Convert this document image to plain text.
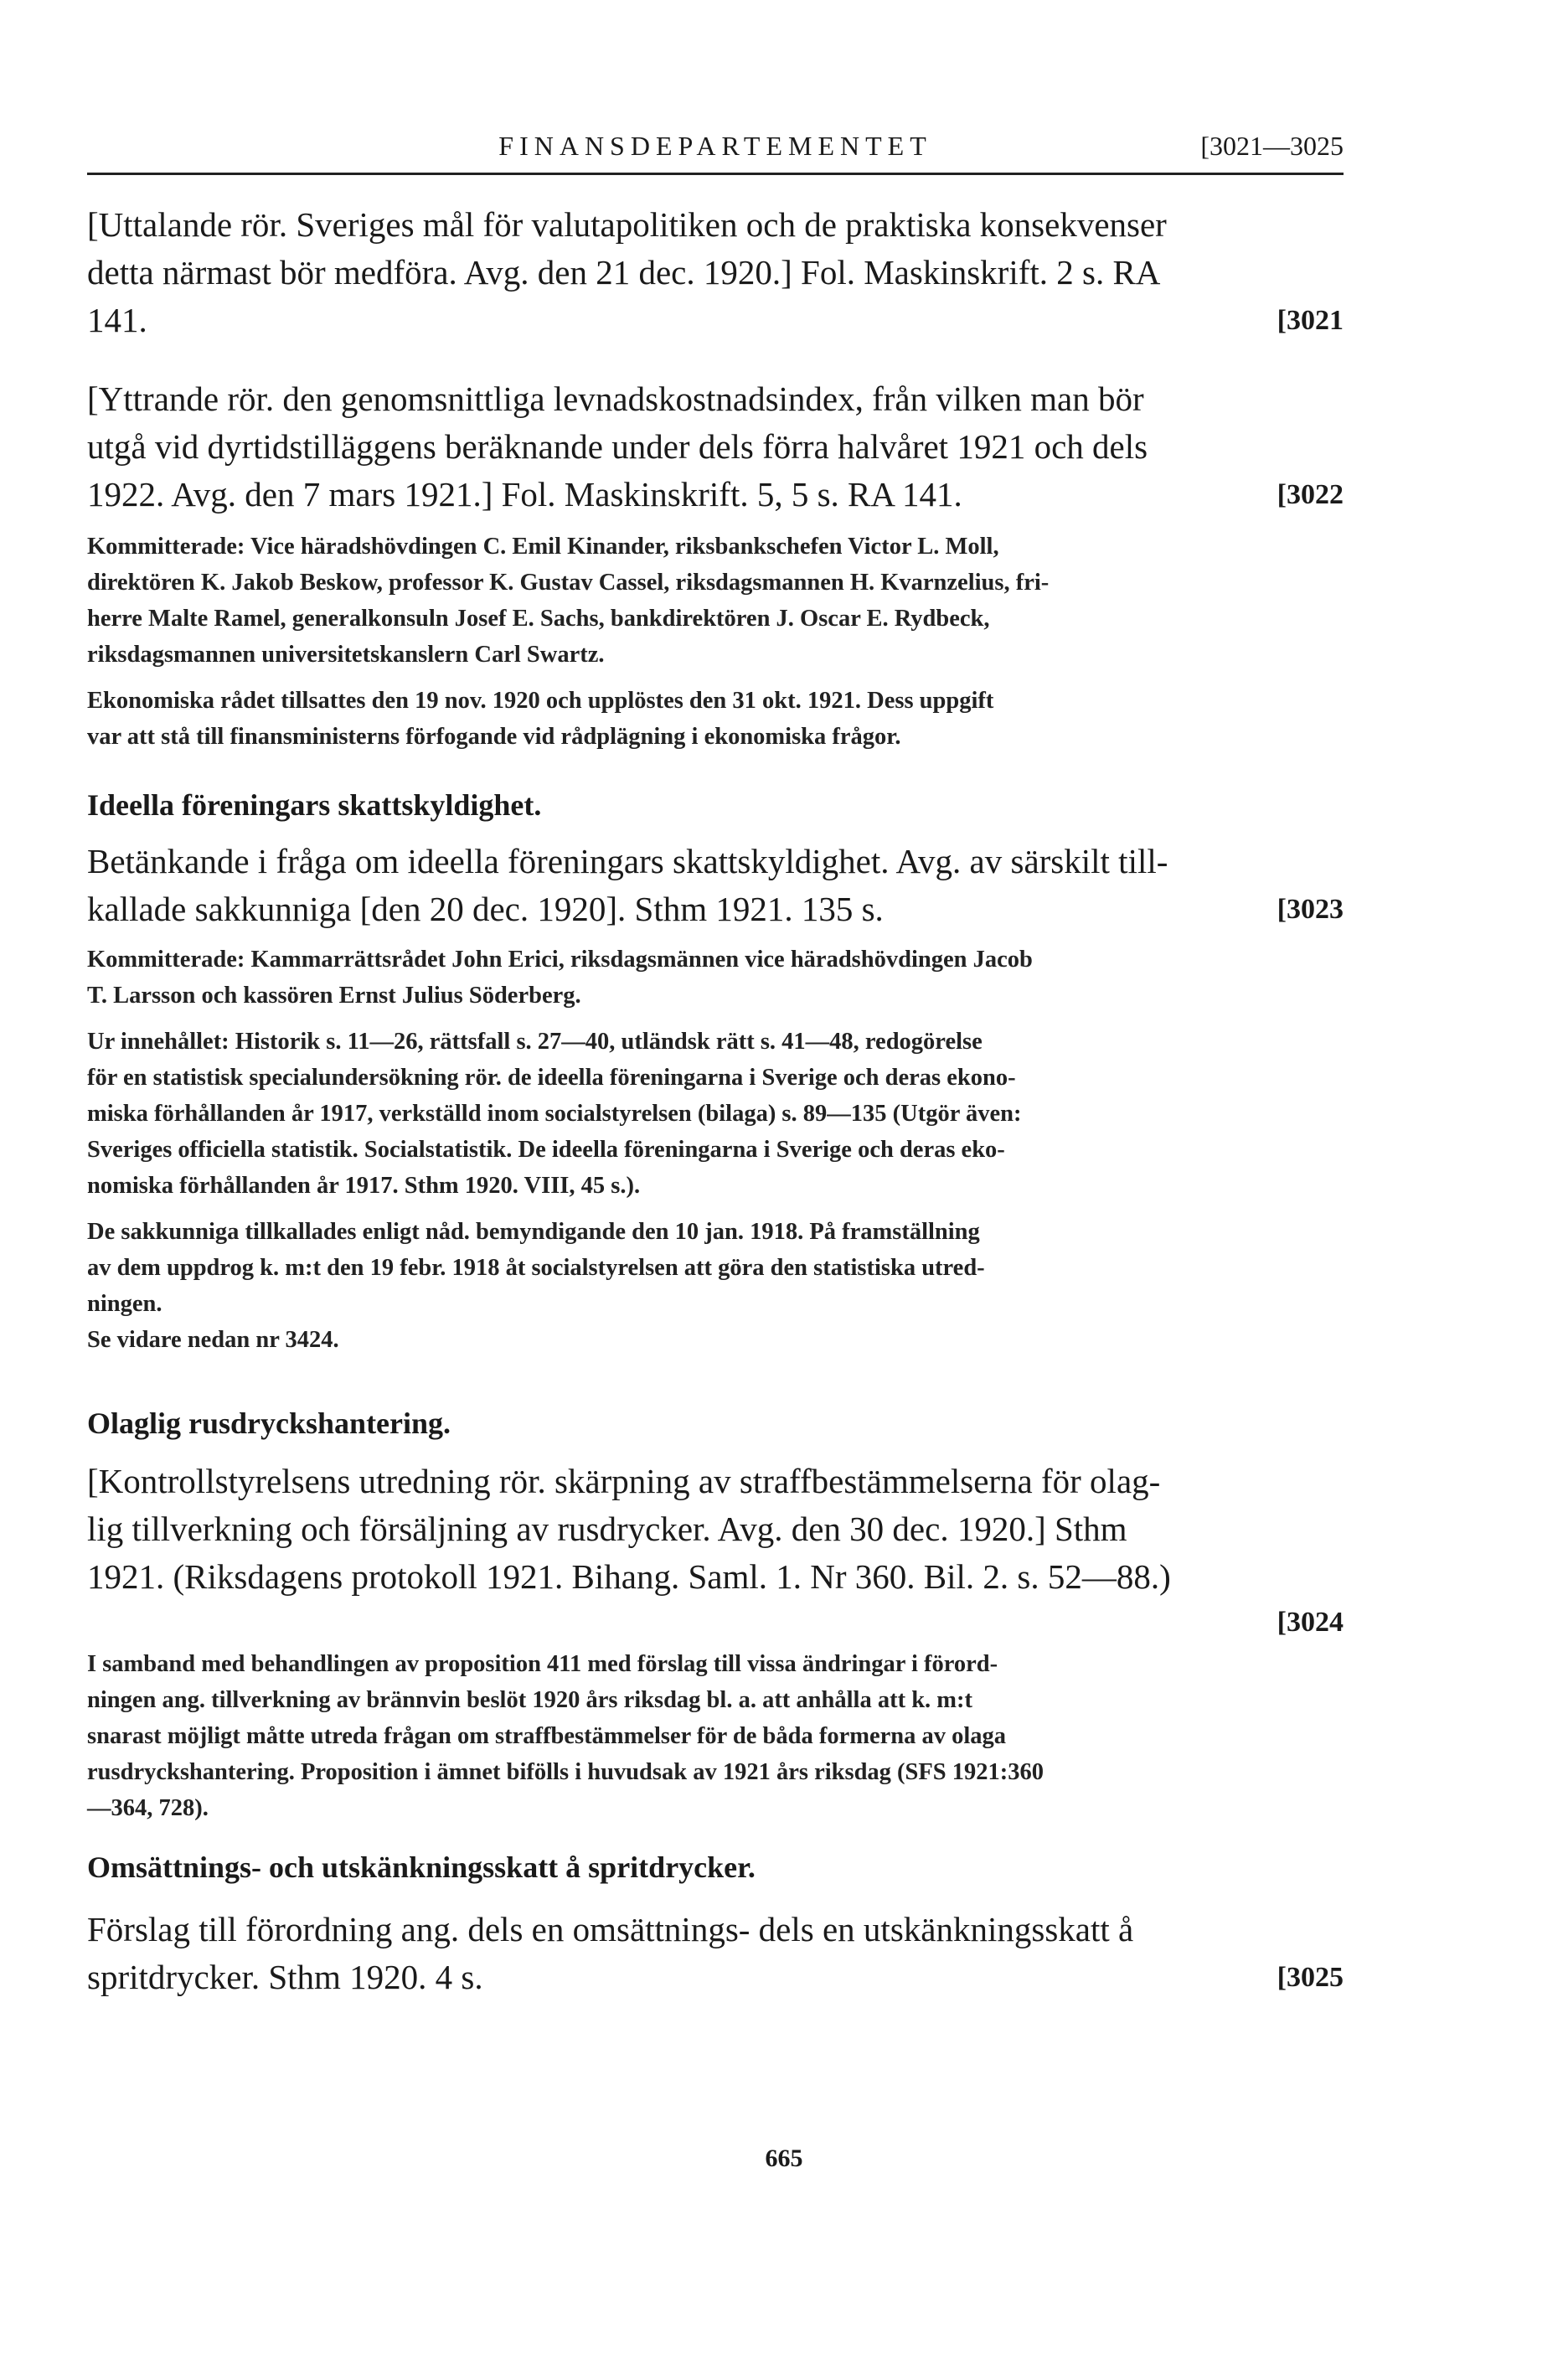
FINANSDEPARTEMENTET	[3021—3025

[Uttalande rör. Sveriges mål för valutapolitiken och de praktiska konsekvenser

detta närmast bör medföra. Avg. den 21 dec. 1920.] Fol. Maskinskrift. 2 s. RA

[3021
141.

[Yttrande rör. den genomsnittliga levnadskostnadsindex, från vilken man bör

utgå vid dyrtidstilläggens beräknande under dels förra halvåret 1921 och dels

[3022
1922. Avg. den 7 mars 1921.] Fol. Maskinskrift. 5, 5 s. RA 141.

Kommitterade: Vice häradshövdingen C. Emil Kinander, riksbankschefen Victor L. Moll,

direktören K. Jakob Beskow, professor K. Gustav Cassel, riksdagsmannen H. Kvarnzelius, fri-

herre Malte Ramel, generalkonsuln Josef E. Sachs, bankdirektören J. Oscar E. Rydbeck,

riksdagsmannen universitetskanslern Carl Swartz.

Ekonomiska rådet tillsattes den 19 nov. 1920 och upplöstes den 31 okt. 1921. Dess uppgift

var att stå till finansministerns förfogande vid rådplägning i ekonomiska frågor.

Ideella föreningars skattskyldighet.

Betänkande i fråga om ideella föreningars skattskyldighet. Avg. av särskilt till-

[3023
kallade sakkunniga [den 20 dec. 1920]. Sthm 1921. 135 s.

Kommitterade: Kammarrättsrådet John Erici, riksdagsmännen vice häradshövdingen Jacob

T. Larsson och kassören Ernst Julius Söderberg.

Ur innehållet: Historik s. 11—26, rättsfall s. 27—40, utländsk rätt s. 41—48, redogörelse

för en statistisk specialundersökning rör. de ideella föreningarna i Sverige och deras ekono-

miska förhållanden år 1917, verkställd inom socialstyrelsen (bilaga) s. 89—135 (Utgör även:

Sveriges officiella statistik. Socialstatistik. De ideella föreningarna i Sverige och deras eko-

nomiska förhållanden år 1917. Sthm 1920. VIII, 45 s.).

De sakkunniga tillkallades enligt nåd. bemyndigande den 10 jan. 1918. På framställning

av dem uppdrog k. m:t den 19 febr. 1918 åt socialstyrelsen att göra den statistiska utred-

ningen.

Se vidare nedan nr 3424.

Olaglig rusdryckshantering.

[Kontrollstyrelsens utredning rör. skärpning av straffbestämmelserna för olag-

lig tillverkning och försäljning av rusdrycker. Avg. den 30 dec. 1920.] Sthm

1921. (Riksdagens protokoll 1921. Bihang. Saml. 1. Nr 360. Bil. 2. s. 52—88.)

[3024

I samband med behandlingen av proposition 411 med förslag till vissa ändringar i förord-

ningen ang. tillverkning av brännvin beslöt 1920 års riksdag bl. a. att anhålla att k. m:t

snarast möjligt måtte utreda frågan om straffbestämmelser för de båda formerna av olaga

rusdryckshantering. Proposition i ämnet bifölls i huvudsak av 1921 års riksdag (SFS 1921:360

—364, 728).

Omsättnings- och utskänkningsskatt å spritdrycker.

Förslag till förordning ang. dels en omsättnings- dels en utskänkningsskatt å

[3025
spritdrycker. Sthm 1920. 4 s.

665
